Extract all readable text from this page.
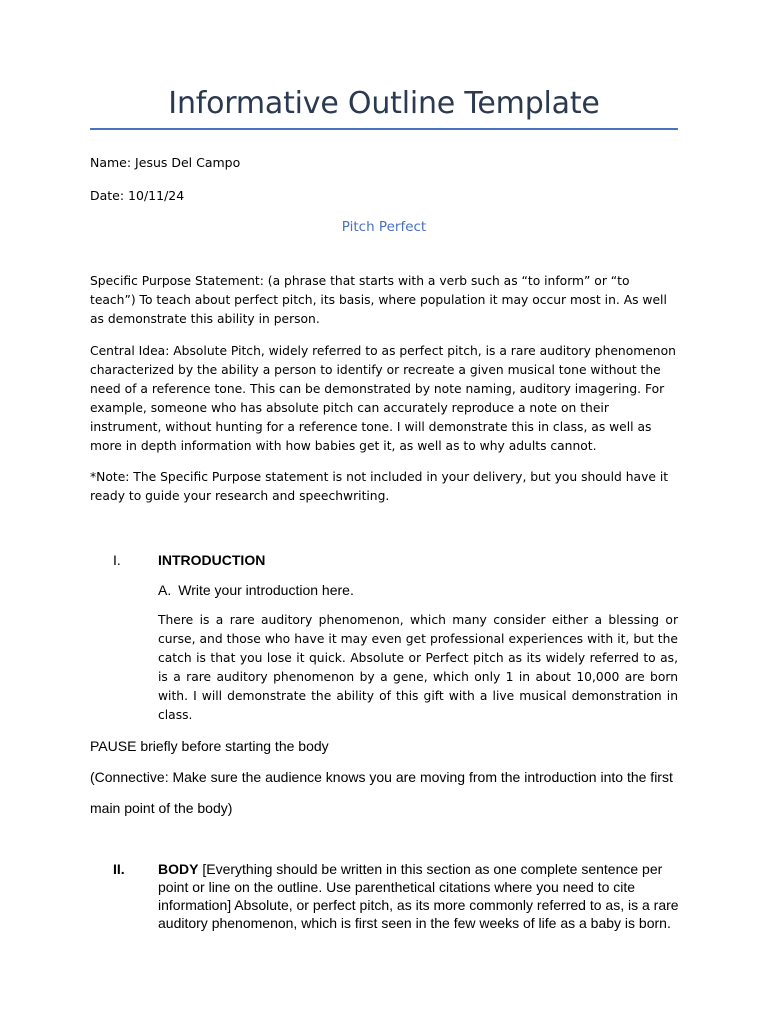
Informative Outline Template

Name: Jesus Del Campo

Date: 10/11/24

Pitch Perfect

Specific Purpose Statement: (a phrase that starts with a verb such as “to inform” or “to teach”) To teach about perfect pitch, its basis, where population it may occur most in. As well as demonstrate this ability in person.

Central Idea: Absolute Pitch, widely referred to as perfect pitch, is a rare auditory phenomenon characterized by the ability a person to identify or recreate a given musical tone without the need of a reference tone. This can be demonstrated by note naming, auditory imagering. For example, someone who has absolute pitch can accurately reproduce a note on their instrument, without hunting for a reference tone. I will demonstrate this in class, as well as more in depth information with how babies get it, as well as to why adults cannot.

*Note: The Specific Purpose statement is not included in your delivery, but you should have it ready to guide your research and speechwriting.

I.	INTRODUCTION
A. Write your introduction here.

There is a rare auditory phenomenon, which many consider either a blessing or curse, and those who have it may even get professional experiences with it, but the catch is that you lose it quick. Absolute or Perfect pitch as its widely referred to as, is a rare auditory phenomenon by a gene, which only 1 in about 10,000 are born with. I will demonstrate the ability of this gift with a live musical demonstration in class.

PAUSE briefly before starting the body

(Connective: Make sure the audience knows you are moving from the introduction into the first

main point of the body)

II. BODY [Everything should be written in this section as one complete sentence per point or line on the outline. Use parenthetical citations where you need to cite information] Absolute, or perfect pitch, as its more commonly referred to as, is a rare auditory phenomenon, which is first seen in the few weeks of life as a baby is born.
